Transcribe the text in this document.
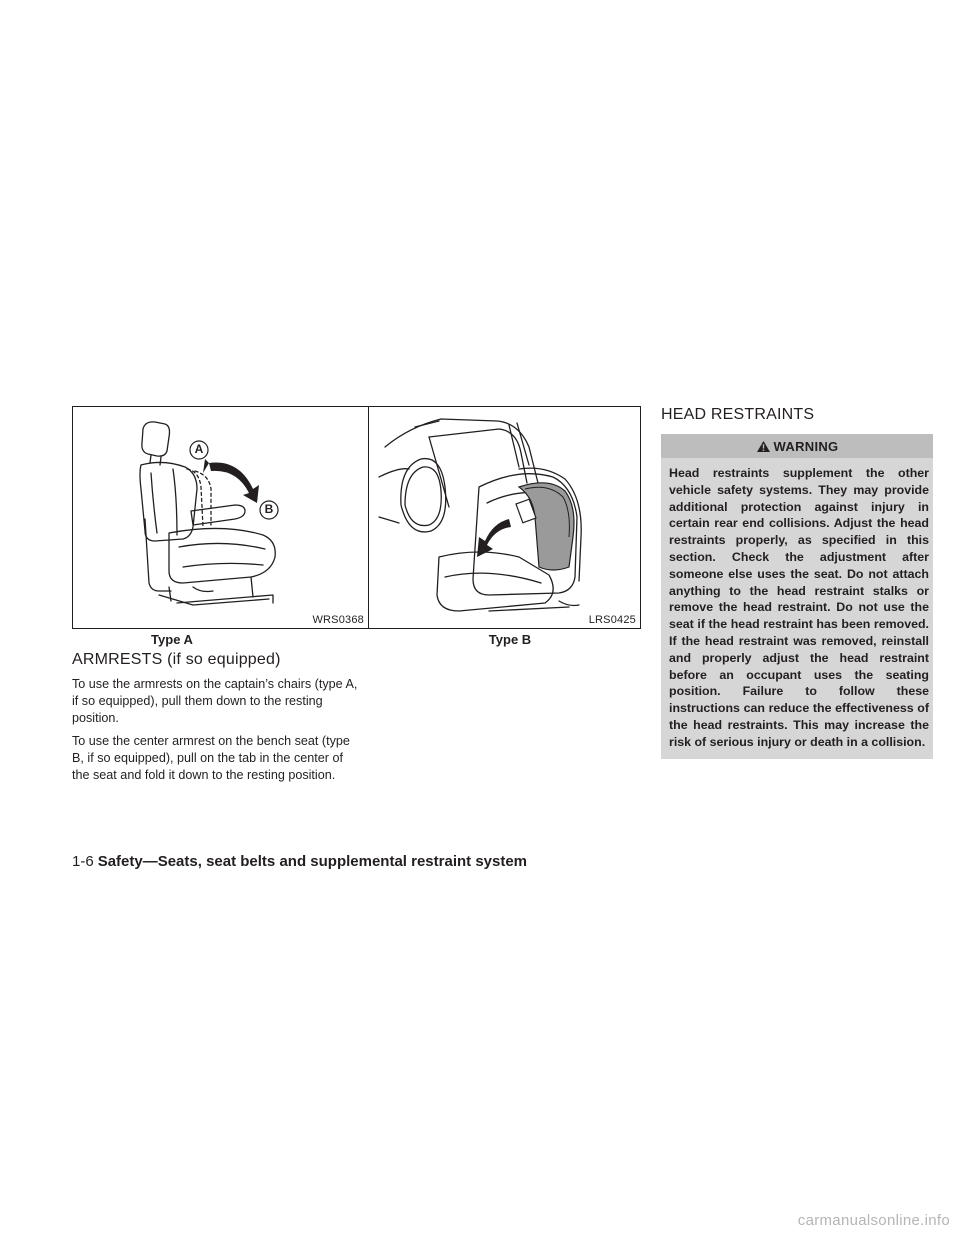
A
B
WRS0368
Type A
LRS0425
Type B
ARMRESTS (if so equipped)

To use the armrests on the captain’s chairs (type A, if so equipped), pull them down to the resting position.

To use the center armrest on the bench seat (type B, if so equipped), pull on the tab in the center of the seat and fold it down to the resting position.

HEAD RESTRAINTS
WARNING
Head restraints supplement the other vehicle safety systems. They may provide additional protection against injury in certain rear end collisions. Adjust the head restraints properly, as specified in this section. Check the adjustment after someone else uses the seat. Do not attach anything to the head restraint stalks or remove the head restraint. Do not use the seat if the head restraint has been removed. If the head restraint was removed, reinstall and properly adjust the head restraint before an occupant uses the seating position. Failure to follow these instructions can reduce the effectiveness of the head restraints. This may increase the risk of serious injury or death in a collision.
1-6 Safety—Seats, seat belts and supplemental restraint system
carmanualsonline.info
